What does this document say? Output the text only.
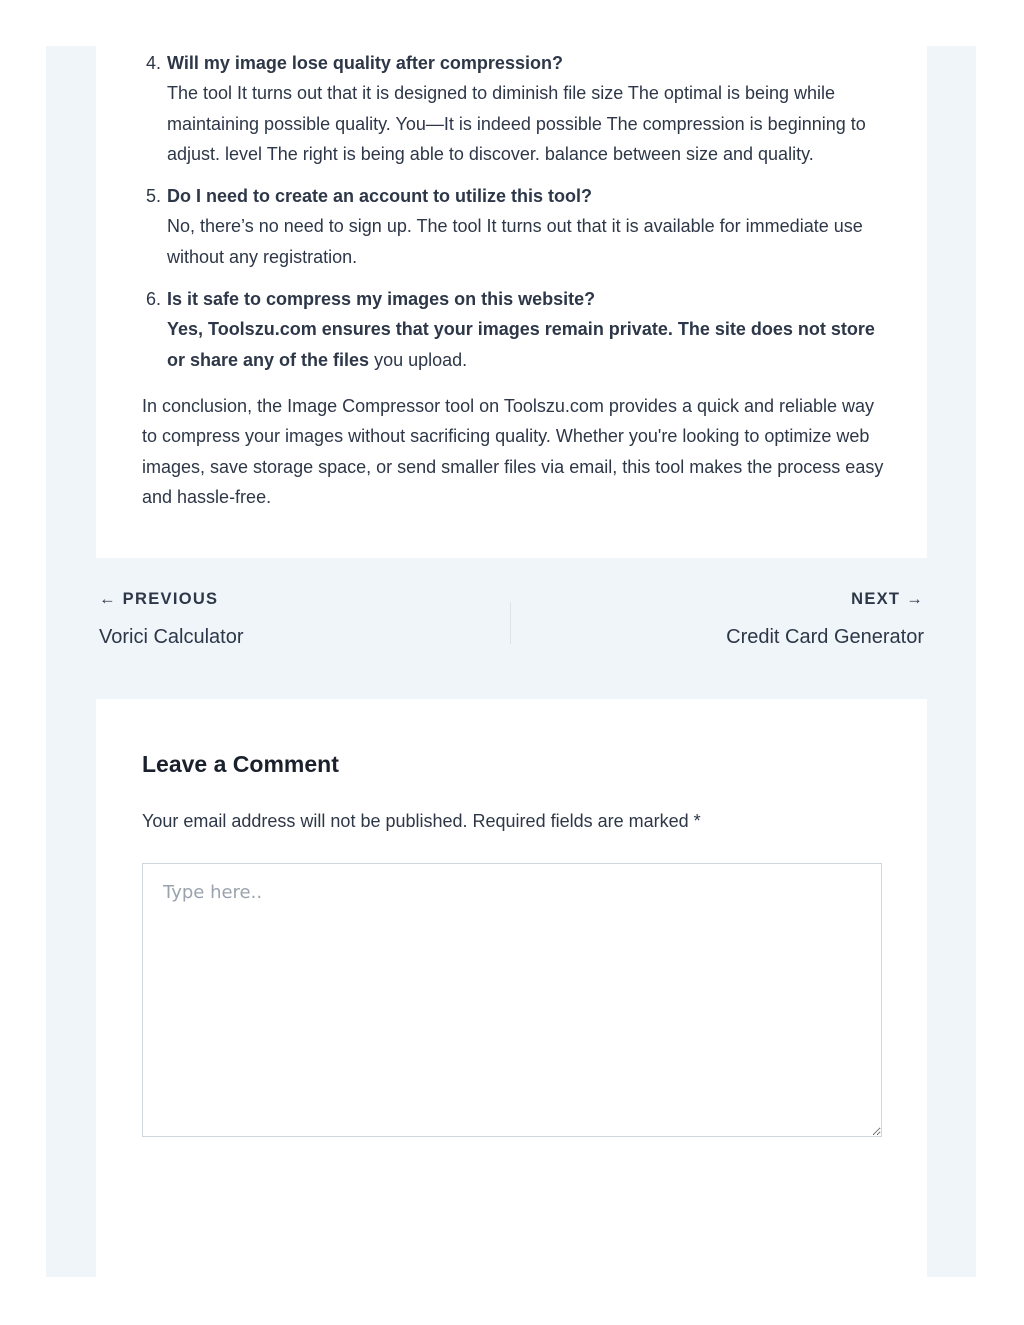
4. Will my image lose quality after compression?
The tool It turns out that it is designed to diminish file size The optimal is being while maintaining possible quality. You—It is indeed possible The compression is beginning to adjust. level The right is being able to discover. balance between size and quality.
5. Do I need to create an account to utilize this tool?
No, there’s no need to sign up. The tool It turns out that it is available for immediate use without any registration.
6. Is it safe to compress my images on this website?
Yes, Toolszu.com ensures that your images remain private. The site does not store or share any of the files you upload.

In conclusion, the Image Compressor tool on Toolszu.com provides a quick and reliable way to compress your images without sacrificing quality. Whether you're looking to optimize web images, save storage space, or send smaller files via email, this tool makes the process easy and hassle-free.

← PREVIOUS
Vorici Calculator
NEXT →
Credit Card Generator
Leave a Comment

Your email address will not be published. Required fields are marked *

Type here..
